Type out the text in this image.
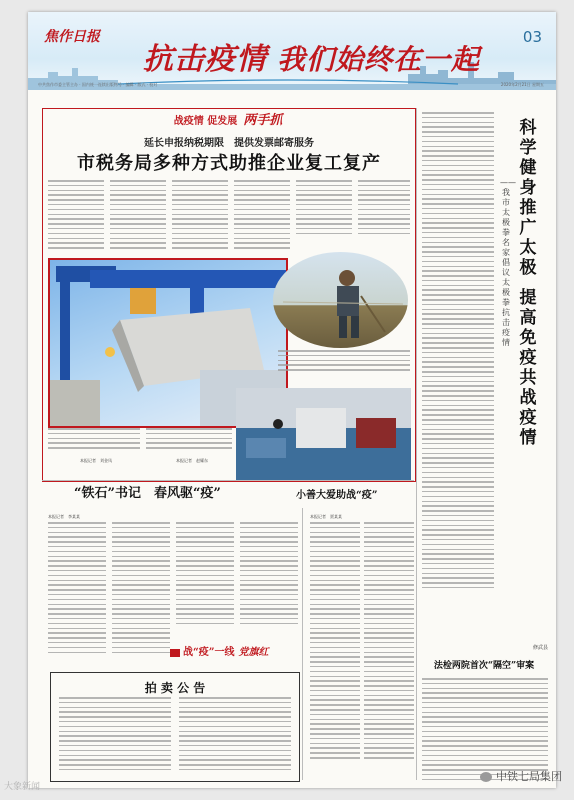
焦作日报
抗击疫情 我们始终在一起
03
中共焦作市委主管主办 · 国内统一连续出版物号 · 编辑 · 版式 · 校对	2020年2月21日 星期五
战疫情 促发展 两手抓
延长申报纳税期限　提供发票邮寄服务
市税务局多种方式助推企业复工复产
本报记者　刘金凤	本报记者　赵耀东
科学健身推广太极
——我市太极拳名家倡议太极拳抗击疫情
提高免疫共战疫情
修武县
法检两院首次“隔空”审案
“铁石”书记　春风驱“疫”	小善大爱助战“疫”
本报记者　李某某	本报记者　贾某某
战“疫”一线 党旗红
拍 卖 公 告
大象新闻
中铁七局集团
